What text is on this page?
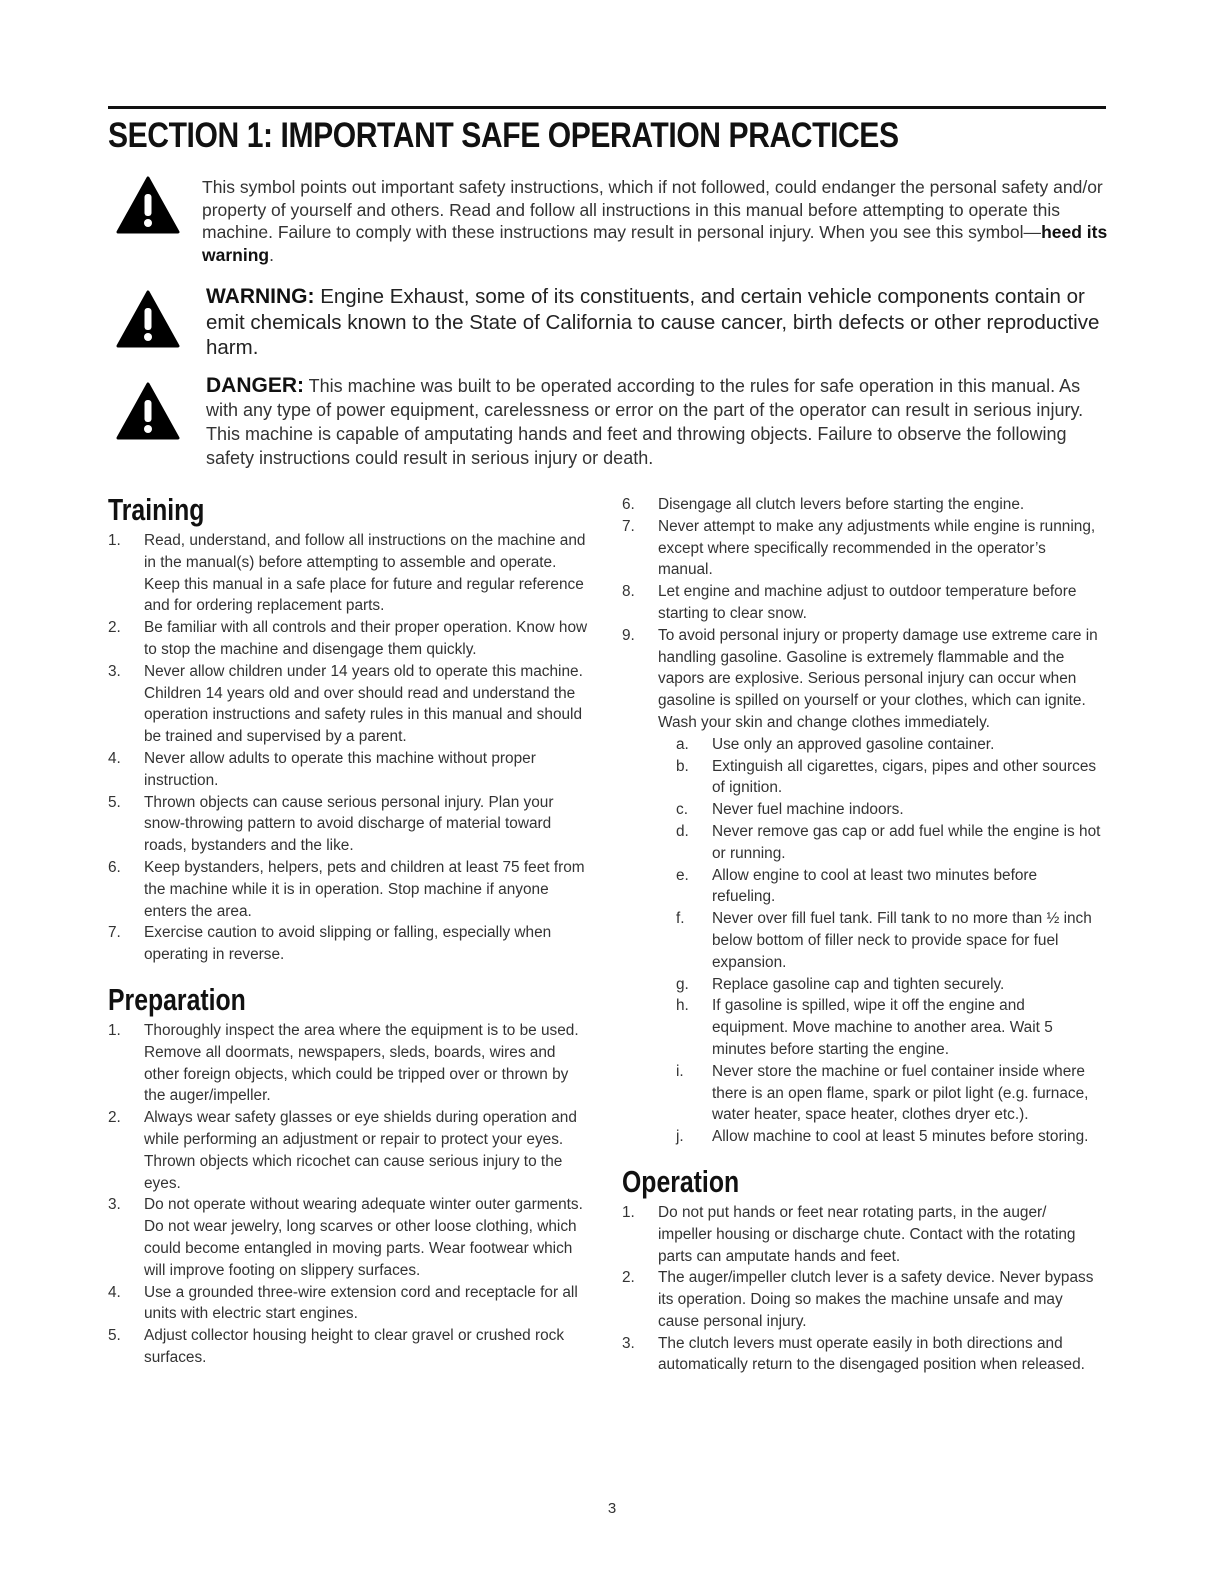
SECTION 1: IMPORTANT SAFE OPERATION PRACTICES
This symbol points out important safety instructions, which if not followed, could endanger the personal safety and/or property of yourself and others. Read and follow all instructions in this manual before attempting to operate this machine. Failure to comply with these instructions may result in personal injury. When you see this symbol—heed its warning.
WARNING: Engine Exhaust, some of its constituents, and certain vehicle components contain or emit chemicals known to the State of California to cause cancer, birth defects or other reproductive harm.
DANGER: This machine was built to be operated according to the rules for safe operation in this manual. As with any type of power equipment, carelessness or error on the part of the operator can result in serious injury. This machine is capable of amputating hands and feet and throwing objects. Failure to observe the following safety instructions could result in serious injury or death.
Training
1. Read, understand, and follow all instructions on the machine and in the manual(s) before attempting to assemble and operate. Keep this manual in a safe place for future and regular reference and for ordering replacement parts.
2. Be familiar with all controls and their proper operation. Know how to stop the machine and disengage them quickly.
3. Never allow children under 14 years old to operate this machine. Children 14 years old and over should read and understand the operation instructions and safety rules in this manual and should be trained and supervised by a parent.
4. Never allow adults to operate this machine without proper instruction.
5. Thrown objects can cause serious personal injury. Plan your snow-throwing pattern to avoid discharge of material toward roads, bystanders and the like.
6. Keep bystanders, helpers, pets and children at least 75 feet from the machine while it is in operation. Stop machine if anyone enters the area.
7. Exercise caution to avoid slipping or falling, especially when operating in reverse.
Preparation
1. Thoroughly inspect the area where the equipment is to be used. Remove all doormats, newspapers, sleds, boards, wires and other foreign objects, which could be tripped over or thrown by the auger/impeller.
2. Always wear safety glasses or eye shields during operation and while performing an adjustment or repair to protect your eyes. Thrown objects which ricochet can cause serious injury to the eyes.
3. Do not operate without wearing adequate winter outer garments. Do not wear jewelry, long scarves or other loose clothing, which could become entangled in moving parts. Wear footwear which will improve footing on slippery surfaces.
4. Use a grounded three-wire extension cord and receptacle for all units with electric start engines.
5. Adjust collector housing height to clear gravel or crushed rock surfaces.
6. Disengage all clutch levers before starting the engine.
7. Never attempt to make any adjustments while engine is running, except where specifically recommended in the operator’s manual.
8. Let engine and machine adjust to outdoor temperature before starting to clear snow.
9. To avoid personal injury or property damage use extreme care in handling gasoline. Gasoline is extremely flammable and the vapors are explosive. Serious personal injury can occur when gasoline is spilled on yourself or your clothes, which can ignite. Wash your skin and change clothes immediately.
a. Use only an approved gasoline container.
b. Extinguish all cigarettes, cigars, pipes and other sources of ignition.
c. Never fuel machine indoors.
d. Never remove gas cap or add fuel while the engine is hot or running.
e. Allow engine to cool at least two minutes before refueling.
f. Never over fill fuel tank. Fill tank to no more than ½ inch below bottom of filler neck to provide space for fuel expansion.
g. Replace gasoline cap and tighten securely.
h. If gasoline is spilled, wipe it off the engine and equipment. Move machine to another area. Wait 5 minutes before starting the engine.
i. Never store the machine or fuel container inside where there is an open flame, spark or pilot light (e.g. furnace, water heater, space heater, clothes dryer etc.).
j. Allow machine to cool at least 5 minutes before storing.
Operation
1. Do not put hands or feet near rotating parts, in the auger/ impeller housing or discharge chute. Contact with the rotating parts can amputate hands and feet.
2. The auger/impeller clutch lever is a safety device. Never bypass its operation. Doing so makes the machine unsafe and may cause personal injury.
3. The clutch levers must operate easily in both directions and automatically return to the disengaged position when released.
3
